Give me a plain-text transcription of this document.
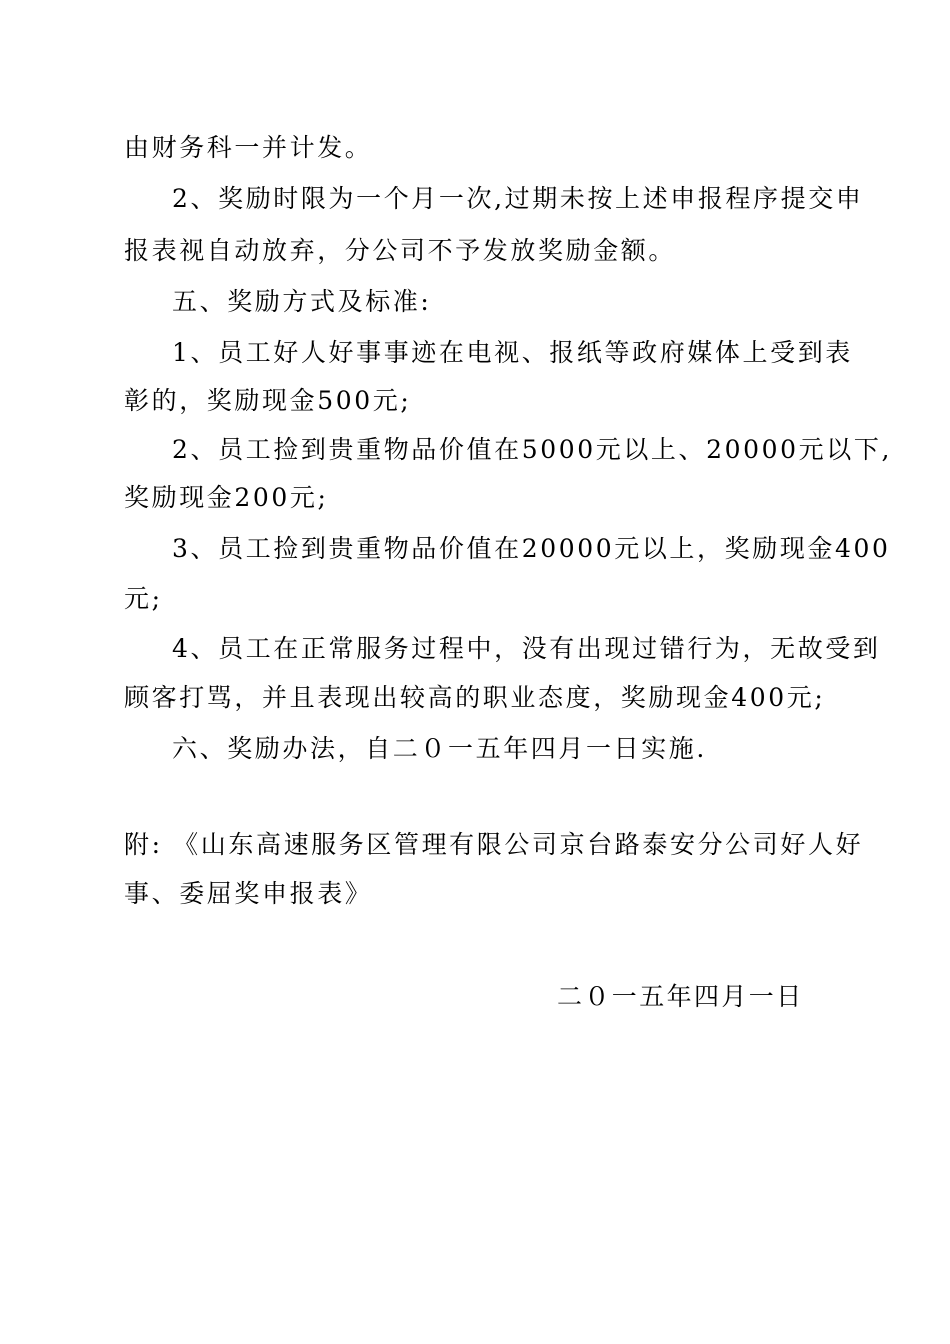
由财务科一并计发。
2、奖励时限为一个月一次,过期未按上述申报程序提交申
报表视自动放弃，分公司不予发放奖励金额。
五、奖励方式及标准:
1、员工好人好事事迹在电视、报纸等政府媒体上受到表
彰的，奖励现金500元;
2、员工捡到贵重物品价值在5000元以上、20000元以下,
奖励现金200元;
3、员工捡到贵重物品价值在20000元以上，奖励现金400
元;
4、员工在正常服务过程中，没有出现过错行为，无故受到
顾客打骂，并且表现出较高的职业态度，奖励现金400元;
六、奖励办法，自二０一五年四月一日实施.
附: 《山东高速服务区管理有限公司京台路泰安分公司好人好
事、委屈奖申报表》
二０一五年四月一日
